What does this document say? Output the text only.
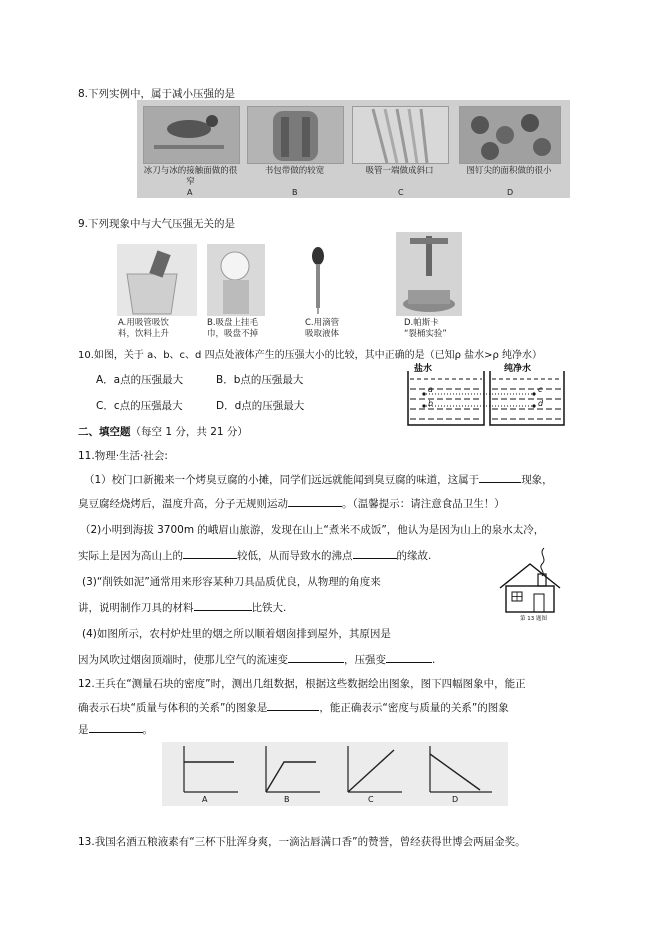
8.下列实例中，属于减小压强的是
冰刀与冰的接触面做的很窄
A
书包带做的较宽
B
吸管一端做成斜口
C
图钉尖的面积做的很小
D
9.下列现象中与大气压强无关的是
A.用吸管吸饮
料，饮料上升
B.吸盘上挂毛
巾，吸盘不掉
C.用滴管
吸取液体
D.帕斯卡
“裂桶实验”
10.如图，关于 a、b、c、d 四点处液体产生的压强大小的比较，其中正确的是（已知ρ 盐水>ρ 纯净水）
A．a点的压强最大	B．b点的压强最大
C．c点的压强最大	D．d点的压强最大
盐水	纯净水
a
b
c
d
二、填空题（每空 1 分，共 21 分）
11.物理·生活·社会:
（1）校门口新搬来一个烤臭豆腐的小摊，同学们远远就能闻到臭豆腐的味道，这属于	现象，
臭豆腐经烧烤后，温度升高，分子无规则运动	。（温馨提示：请注意食品卫生！）
（2)小明到海拔 3700m 的峨眉山旅游，发现在山上“煮米不成饭”，他认为是因为山上的泉水太冷，
实际上是因为高山上的	较低，从而导致水的沸点	的缘故.
(3)“削铁如泥”通常用来形容某种刀具品质优良，从物理的角度来
讲，说明制作刀具的材料	比铁大.
(4)如图所示，农村炉灶里的烟之所以顺着烟囱排到屋外，其原因是
因为风吹过烟囱顶端时，使那儿空气的流速变	，压强变	.
第 13 题图
12.王兵在“测量石块的密度”时，测出几组数据，根据这些数据绘出图象，图下四幅图象中，能正
确表示石块“质量与体积的关系”的图象是	，能正确表示“密度与质量的关系”的图象
是	。
A	B	C	D
13.我国名酒五粮液素有“三杯下肚浑身爽，一滴沾唇满口香”的赞誉，曾经获得世博会两届金奖。
